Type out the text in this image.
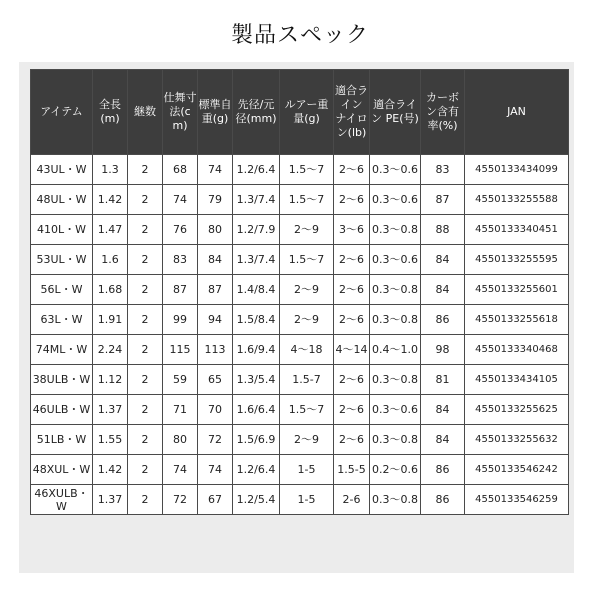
製品スペック
アイテム	全長(m)	継数	仕舞寸法(cm)	標準自重(g)	先径/元径(mm)	ルアー重量(g)	適合ライン ナイロン(lb)	適合ライン PE(号)	カーボン含有率(%)	JAN
43UL・W	1.3	2	68	74	1.2/6.4	1.5〜7	2〜6	0.3〜0.6	83	4550133434099
48UL・W	1.42	2	74	79	1.3/7.4	1.5〜7	2〜6	0.3〜0.6	87	4550133255588
410L・W	1.47	2	76	80	1.2/7.9	2〜9	3〜6	0.3〜0.8	88	4550133340451
53UL・W	1.6	2	83	84	1.3/7.4	1.5〜7	2〜6	0.3〜0.6	84	4550133255595
56L・W	1.68	2	87	87	1.4/8.4	2〜9	2〜6	0.3〜0.8	84	4550133255601
63L・W	1.91	2	99	94	1.5/8.4	2〜9	2〜6	0.3〜0.8	86	4550133255618
74ML・W	2.24	2	115	113	1.6/9.4	4〜18	4〜14	0.4〜1.0	98	4550133340468
38ULB・W	1.12	2	59	65	1.3/5.4	1.5-7	2〜6	0.3〜0.8	81	4550133434105
46ULB・W	1.37	2	71	70	1.6/6.4	1.5〜7	2〜6	0.3〜0.6	84	4550133255625
51LB・W	1.55	2	80	72	1.5/6.9	2〜9	2〜6	0.3〜0.8	84	4550133255632
48XUL・W	1.42	2	74	74	1.2/6.4	1-5	1.5-5	0.2〜0.6	86	4550133546242
46XULB・W	1.37	2	72	67	1.2/5.4	1-5	2-6	0.3〜0.8	86	4550133546259
